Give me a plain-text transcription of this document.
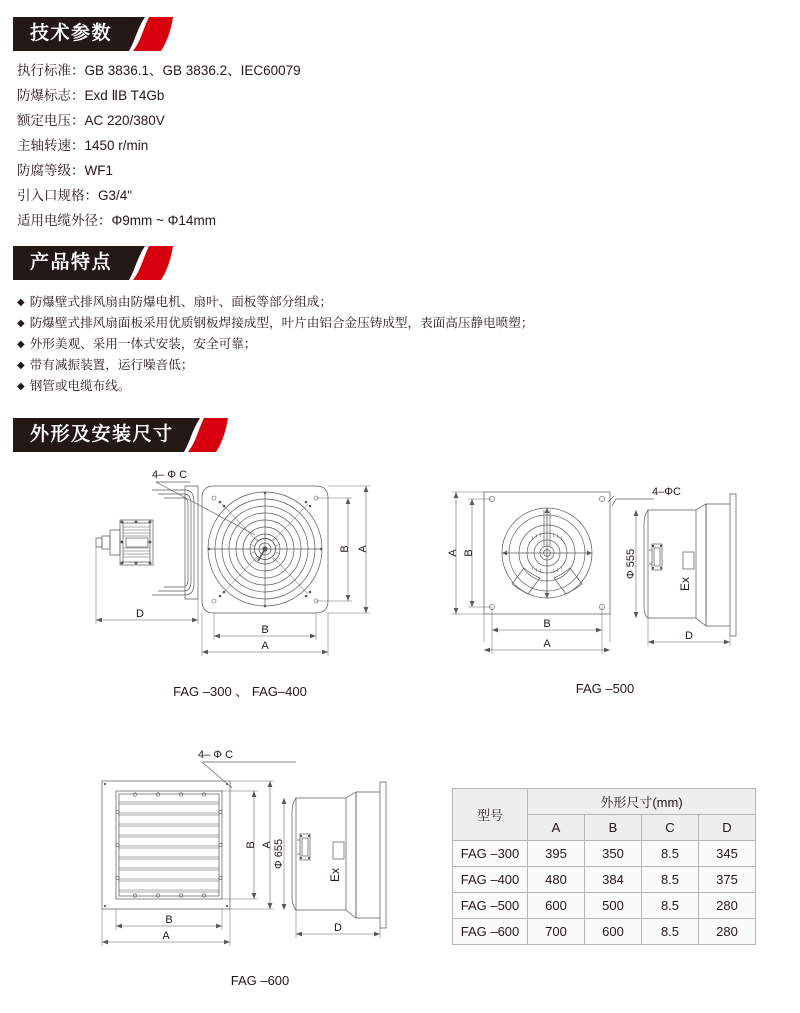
技术参数
执行标准：GB 3836.1、GB 3836.2、IEC60079
防爆标志：Exd ⅡB T4Gb
额定电压：AC 220/380V
主轴转速：1450 r/min
防腐等级：WF1
引入口规格：G3/4"
适用电缆外径：Φ9mm ~ Φ14mm
产品特点
◆ 防爆壁式排风扇由防爆电机、扇叶、面板等部分组成；
◆ 防爆壁式排风扇面板采用优质钢板焊接成型，叶片由铝合金压铸成型，表面高压静电喷塑；
◆ 外形美观、采用一体式安装，安全可靠；
◆ 带有减振装置，运行噪音低；
◆ 钢管或电缆布线。
外形及安装尺寸
4– Φ C
D
B
A
B A
FAG –300 、 FAG–400
4–ΦC
A B
B
A
Φ 555
Ex
D
FAG –500
4– Φ C
B A
B
A
Φ 655
Ex
D
FAG –600
型号	外形尺寸(mm)			
	A	B	C	D
FAG –300	395	350	8.5	345
FAG –400	480	384	8.5	375
FAG –500	600	500	8.5	280
FAG –600	700	600	8.5	280
